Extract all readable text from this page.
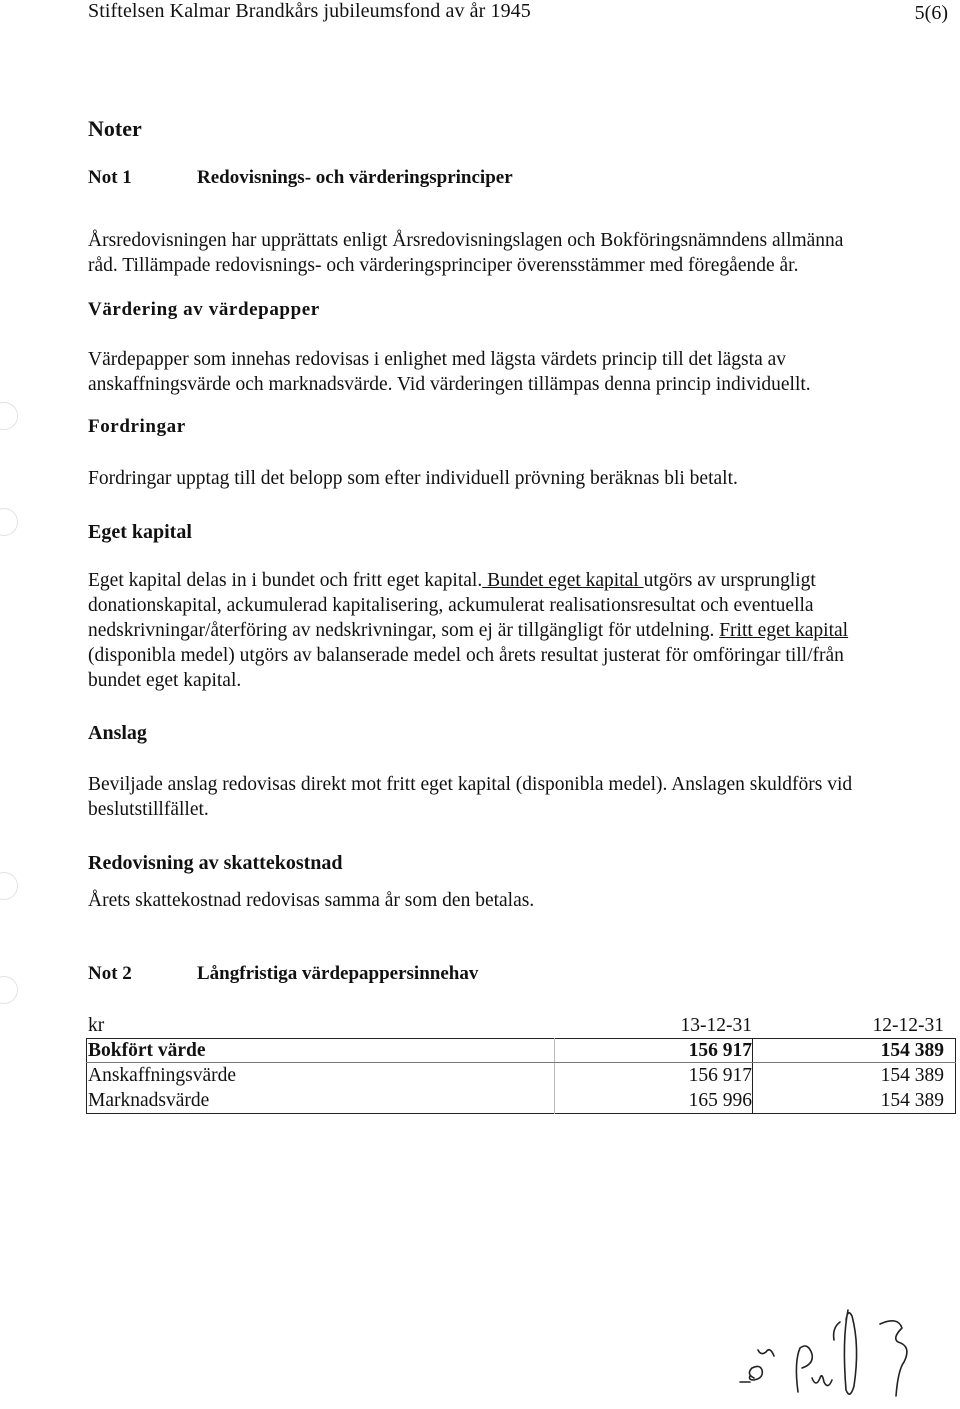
Stiftelsen Kalmar Brandkårs jubileumsfond av år 1945	5(6)
Noter
Not 1	Redovisnings- och värderingsprinciper

Årsredovisningen har upprättats enligt Årsredovisningslagen och Bokföringsnämndens allmänna

råd. Tillämpade redovisnings- och värderingsprinciper överensstämmer med föregående år.

Värdering av värdepapper

Värdepapper som innehas redovisas i enlighet med lägsta värdets princip till det lägsta av

anskaffningsvärde och marknadsvärde. Vid värderingen tillämpas denna princip individuellt.

Fordringar

Fordringar upptag till det belopp som efter individuell prövning beräknas bli betalt.

Eget kapital

Eget kapital delas in i bundet och fritt eget kapital. Bundet eget kapital utgörs av ursprungligt

donationskapital, ackumulerad kapitalisering, ackumulerat realisationsresultat och eventuella

nedskrivningar/återföring av nedskrivningar, som ej är tillgängligt för utdelning. Fritt eget kapital

(disponibla medel) utgörs av balanserade medel och årets resultat justerat för omföringar till/från

bundet eget kapital.

Anslag

Beviljade anslag redovisas direkt mot fritt eget kapital (disponibla medel). Anslagen skuldförs vid

beslutstillfället.

Redovisning av skattekostnad

Årets skattekostnad redovisas samma år som den betalas.

Not 2	Långfristiga värdepappersinnehav
kr	13-12-31	12-12-31
Bokfört värde	156 917	154 389
Anskaffningsvärde	156 917	154 389
Marknadsvärde	165 996	154 389
